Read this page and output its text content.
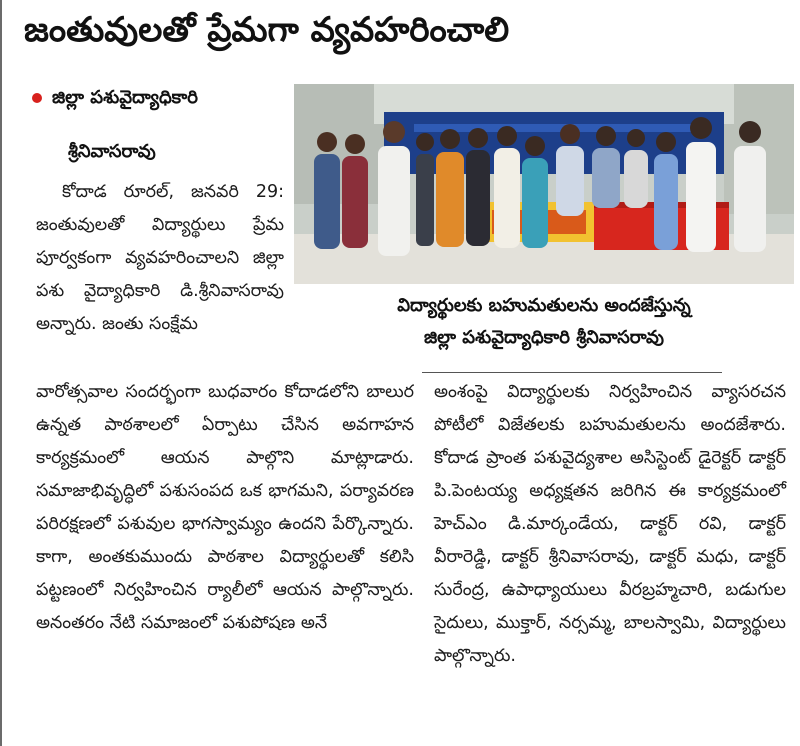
జంతువులతో ప్రేమగా వ్యవహరించాలి
జిల్లా పశువైద్యాధికారి
శ్రీనివాసరావు
విద్యార్థులకు బహుమతులను అందజేస్తున్న
జిల్లా పశువైద్యాధికారి శ్రీనివాసరావు

కోదాడ రూరల్, జనవరి 29: జంతువులతో విద్యార్థులు ప్రేమ పూర్వకంగా వ్యవహరించాలని జిల్లా పశు వైద్యాధికారి డి.శ్రీనివాసరావు అన్నారు. జంతు సంక్షేమ

వారోత్సవాల సందర్భంగా బుధవారం కోదాడలోని బాలుర ఉన్నత పాఠశాలలో ఏర్పాటు చేసిన అవగాహన కార్యక్రమంలో ఆయన పాల్గొని మాట్లాడారు. సమాజాభివృద్ధిలో పశుసంపద ఒక భాగమని, పర్యావరణ పరిరక్షణలో పశువుల భాగస్వామ్యం ఉందని పేర్కొన్నారు. కాగా, అంతకుముందు పాఠశాల విద్యార్థులతో కలిసి పట్టణంలో నిర్వహించిన ర్యాలీలో ఆయన పాల్గొన్నారు. అనంతరం నేటి సమాజంలో పశుపోషణ అనే

అంశంపై విద్యార్థులకు నిర్వహించిన వ్యాసరచన పోటీలో విజేతలకు బహుమతులను అందజేశారు. కోదాడ ప్రాంత పశువైద్యశాల అసిస్టెంట్ డైరెక్టర్ డాక్టర్ పి.పెంటయ్య అధ్యక్షతన జరిగిన ఈ కార్యక్రమంలో హెచ్ఎం డి.మార్కండేయ, డాక్టర్ రవి, డాక్టర్ వీరారెడ్డి, డాక్టర్ శ్రీనివాసరావు, డాక్టర్ మధు, డాక్టర్ సురేంద్ర, ఉపాధ్యాయులు వీరబ్రహ్మచారి, బడుగుల సైదులు, ముక్తార్, నర్సమ్మ, బాలస్వామి, విద్యార్థులు పాల్గొన్నారు.
